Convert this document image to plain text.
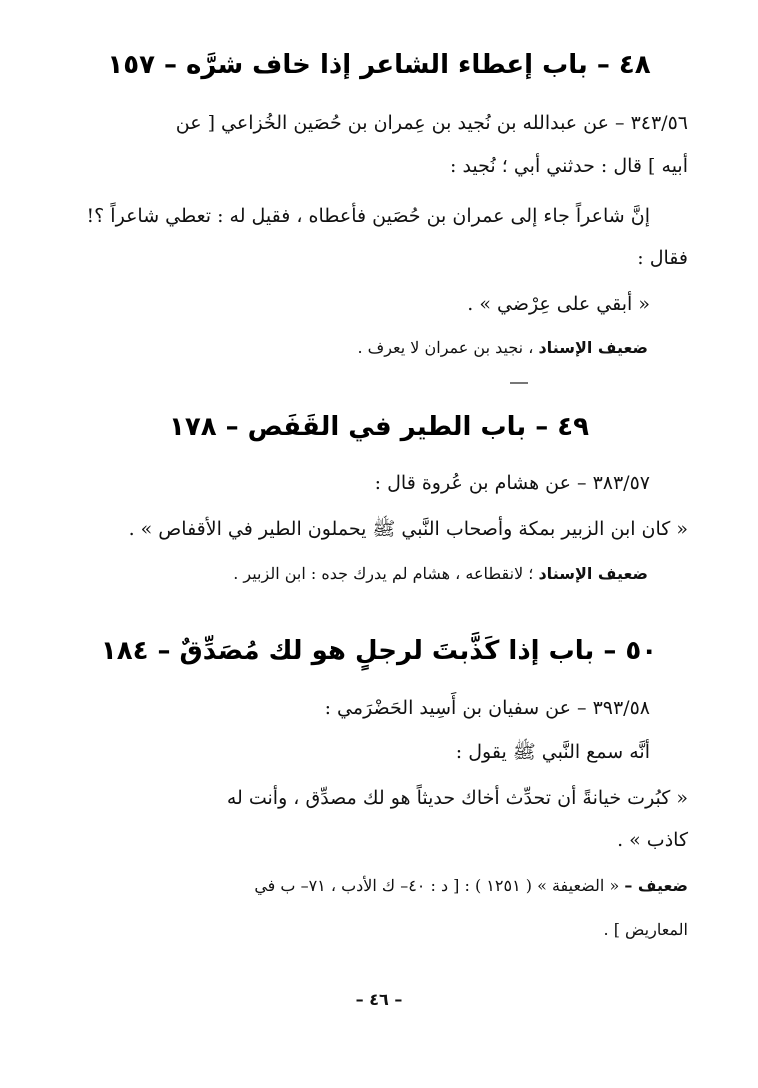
٤٨ – باب إعطاء الشاعر إذا خاف شرَّه – ١٥٧
٣٤٣/٥٦ – عن عبدالله بن نُجيد بن عِمران بن حُصَين الخُزاعي [ عن
أبيه ] قال : حدثني أبي ؛ نُجيد :
إنَّ شاعراً جاء إلى عمران بن حُصَين فأعطاه ، فقيل له : تعطي شاعراً ؟!
فقال :
« أبقي على عِرْضي » .
ضعيف الإسناد ، نجيد بن عمران لا يعرف .
٤٩ – باب الطير في القَفَص – ١٧٨
٣٨٣/٥٧ – عن هشام بن عُروة قال :
« كان ابن الزبير بمكة وأصحاب النَّبي ﷺ يحملون الطير في الأقفاص » .
ضعيف الإسناد ؛ لانقطاعه ، هشام لم يدرك جده : ابن الزبير .
٥٠ – باب إذا كَذَّبتَ لرجلٍ هو لك مُصَدِّقٌ – ١٨٤
٣٩٣/٥٨ – عن سفيان بن أَسِيد الحَضْرَمي :
أنَّه سمع النَّبي ﷺ يقول :
« كبُرت خيانةً أن تحدِّث أخاك حديثاً هو لك مصدِّق ، وأنت له
كاذب » .
ضعيف – « الضعيفة » ( ١٢٥١ ) : [ د : ٤٠– ك الأدب ، ٧١– ب في
المعاريض ] .
– ٤٦ –
